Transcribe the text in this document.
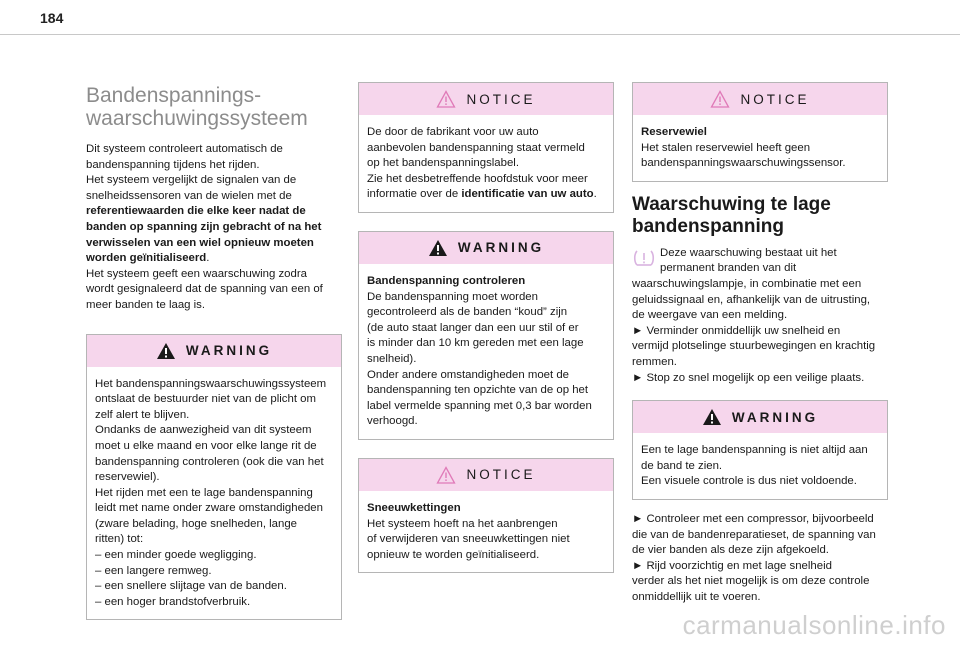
184
Bandenspannings-
waarschuwingssysteem

Dit systeem controleert automatisch de

bandenspanning tijdens het rijden.

Het systeem vergelijkt de signalen van de

snelheidssensoren van de wielen met de

referentiewaarden die elke keer nadat de

banden op spanning zijn gebracht of na het

verwisselen van een wiel opnieuw moeten

worden geïnitialiseerd.

Het systeem geeft een waarschuwing zodra

wordt gesignaleerd dat de spanning van een of

meer banden te laag is.

WARNING

Het bandenspanningswaarschuwingssysteem

ontslaat de bestuurder niet van de plicht om

zelf alert te blijven.

Ondanks de aanwezigheid van dit systeem

moet u elke maand en voor elke lange rit de

bandenspanning controleren (ook die van het

reservewiel).

Het rijden met een te lage bandenspanning

leidt met name onder zware omstandigheden

(zware belading, hoge snelheden, lange

ritten) tot:

– een minder goede wegligging.

– een langere remweg.

– een snellere slijtage van de banden.

– een hoger brandstofverbruik.

NOTICE

De door de fabrikant voor uw auto

aanbevolen bandenspanning staat vermeld

op het bandenspanningslabel.

Zie het desbetreffende hoofdstuk voor meer

informatie over de identificatie van uw auto.

WARNING

Bandenspanning controleren

De bandenspanning moet worden

gecontroleerd als de banden “koud” zijn

(de auto staat langer dan een uur stil of er

is minder dan 10 km gereden met een lage

snelheid).

Onder andere omstandigheden moet de

bandenspanning ten opzichte van de op het

label vermelde spanning met 0,3 bar worden

verhoogd.

NOTICE

Sneeuwkettingen

Het systeem hoeft na het aanbrengen

of verwijderen van sneeuwkettingen niet

opnieuw te worden geïnitialiseerd.

NOTICE

Reservewiel

Het stalen reservewiel heeft geen

bandenspanningswaarschuwingssensor.

Waarschuwing te lage
bandenspanning

Deze waarschuwing bestaat uit het

permanent branden van dit

waarschuwingslampje, in combinatie met een

geluidssignaal en, afhankelijk van de uitrusting,

de weergave van een melding.

► Verminder onmiddellijk uw snelheid en

vermijd plotselinge stuurbewegingen en krachtig

remmen.

► Stop zo snel mogelijk op een veilige plaats.

WARNING

Een te lage bandenspanning is niet altijd aan

de band te zien.

Een visuele controle is dus niet voldoende.

► Controleer met een compressor, bijvoorbeeld

die van de bandenreparatieset, de spanning van

de vier banden als deze zijn afgekoeld.

► Rijd voorzichtig en met lage snelheid

verder als het niet mogelijk is om deze controle

onmiddellijk uit te voeren.

carmanualsonline.info
